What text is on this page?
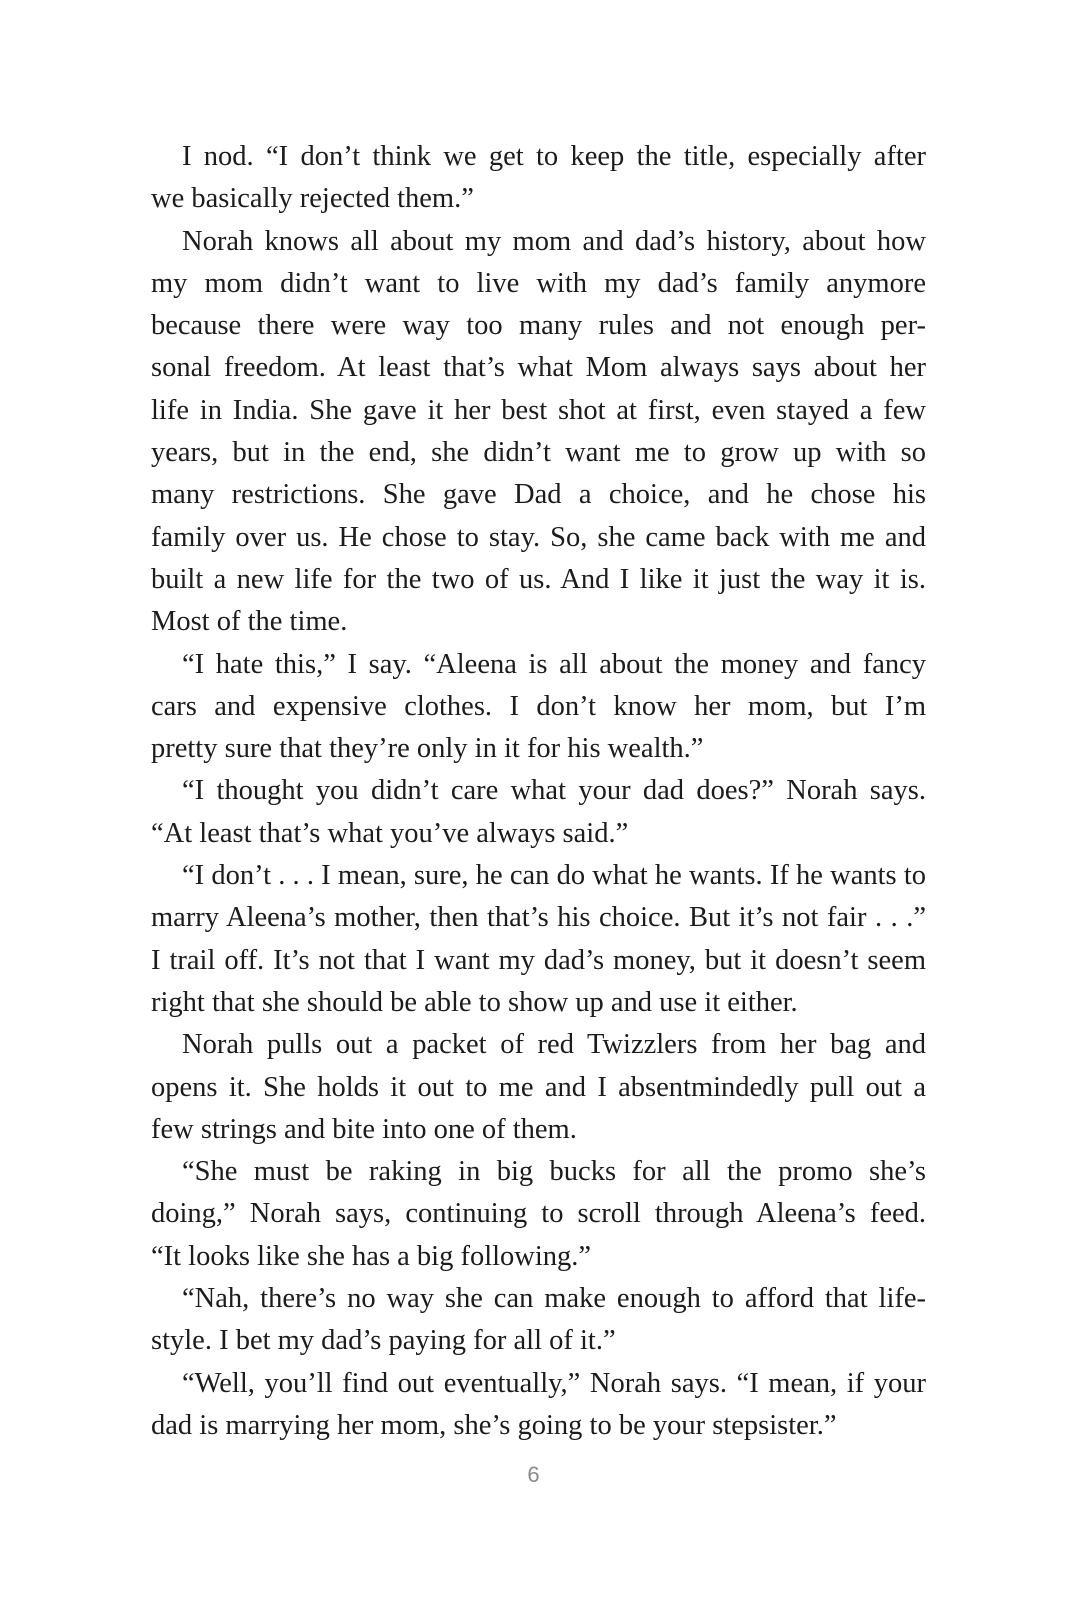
I nod. “I don’t think we get to keep the title, especially after
we basically rejected them.”
Norah knows all about my mom and dad’s history, about how
my mom didn’t want to live with my dad’s family anymore
because there were way too many rules and not enough per-
sonal freedom. At least that’s what Mom always says about her
life in India. She gave it her best shot at first, even stayed a few
years, but in the end, she didn’t want me to grow up with so
many restrictions. She gave Dad a choice, and he chose his
family over us. He chose to stay. So, she came back with me and
built a new life for the two of us. And I like it just the way it is.
Most of the time.
“I hate this,” I say. “Aleena is all about the money and fancy
cars and expensive clothes. I don’t know her mom, but I’m
pretty sure that they’re only in it for his wealth.”
“I thought you didn’t care what your dad does?” Norah says.
“At least that’s what you’ve always said.”
“I don’t . . . I mean, sure, he can do what he wants. If he wants to
marry Aleena’s mother, then that’s his choice. But it’s not fair . . .”
I trail off. It’s not that I want my dad’s money, but it doesn’t seem
right that she should be able to show up and use it either.
Norah pulls out a packet of red Twizzlers from her bag and
opens it. She holds it out to me and I absentmindedly pull out a
few strings and bite into one of them.
“She must be raking in big bucks for all the promo she’s
doing,” Norah says, continuing to scroll through Aleena’s feed.
“It looks like she has a big following.”
“Nah, there’s no way she can make enough to afford that life-
style. I bet my dad’s paying for all of it.”
“Well, you’ll find out eventually,” Norah says. “I mean, if your
dad is marrying her mom, she’s going to be your stepsister.”
6
